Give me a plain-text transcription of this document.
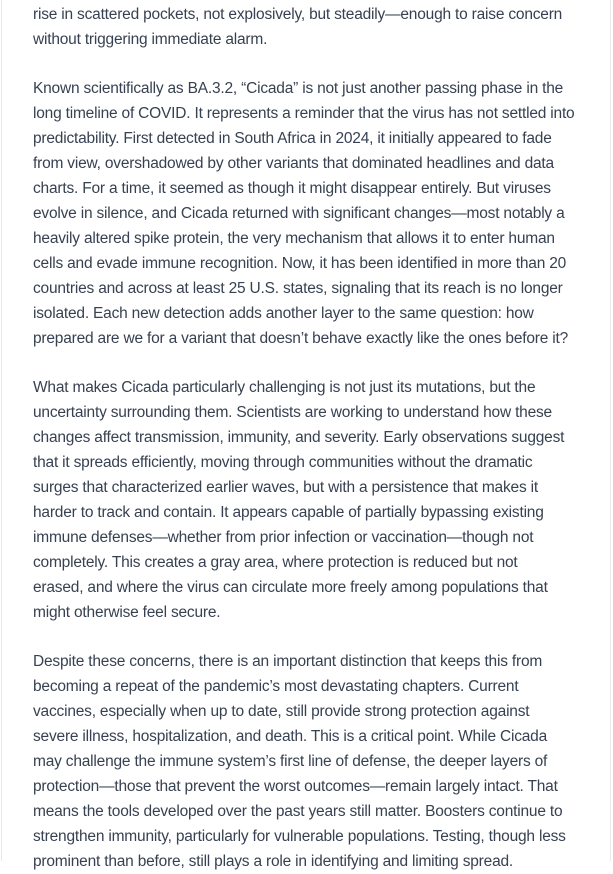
rise in scattered pockets, not explosively, but steadily—enough to raise concern
without triggering immediate alarm.

Known scientifically as BA.3.2, “Cicada” is not just another passing phase in the
long timeline of COVID. It represents a reminder that the virus has not settled into
predictability. First detected in South Africa in 2024, it initially appeared to fade
from view, overshadowed by other variants that dominated headlines and data
charts. For a time, it seemed as though it might disappear entirely. But viruses
evolve in silence, and Cicada returned with significant changes—most notably a
heavily altered spike protein, the very mechanism that allows it to enter human
cells and evade immune recognition. Now, it has been identified in more than 20
countries and across at least 25 U.S. states, signaling that its reach is no longer
isolated. Each new detection adds another layer to the same question: how
prepared are we for a variant that doesn’t behave exactly like the ones before it?

What makes Cicada particularly challenging is not just its mutations, but the
uncertainty surrounding them. Scientists are working to understand how these
changes affect transmission, immunity, and severity. Early observations suggest
that it spreads efficiently, moving through communities without the dramatic
surges that characterized earlier waves, but with a persistence that makes it
harder to track and contain. It appears capable of partially bypassing existing
immune defenses—whether from prior infection or vaccination—though not
completely. This creates a gray area, where protection is reduced but not
erased, and where the virus can circulate more freely among populations that
might otherwise feel secure.

Despite these concerns, there is an important distinction that keeps this from
becoming a repeat of the pandemic’s most devastating chapters. Current
vaccines, especially when up to date, still provide strong protection against
severe illness, hospitalization, and death. This is a critical point. While Cicada
may challenge the immune system’s first line of defense, the deeper layers of
protection—those that prevent the worst outcomes—remain largely intact. That
means the tools developed over the past years still matter. Boosters continue to
strengthen immunity, particularly for vulnerable populations. Testing, though less
prominent than before, still plays a role in identifying and limiting spread.
